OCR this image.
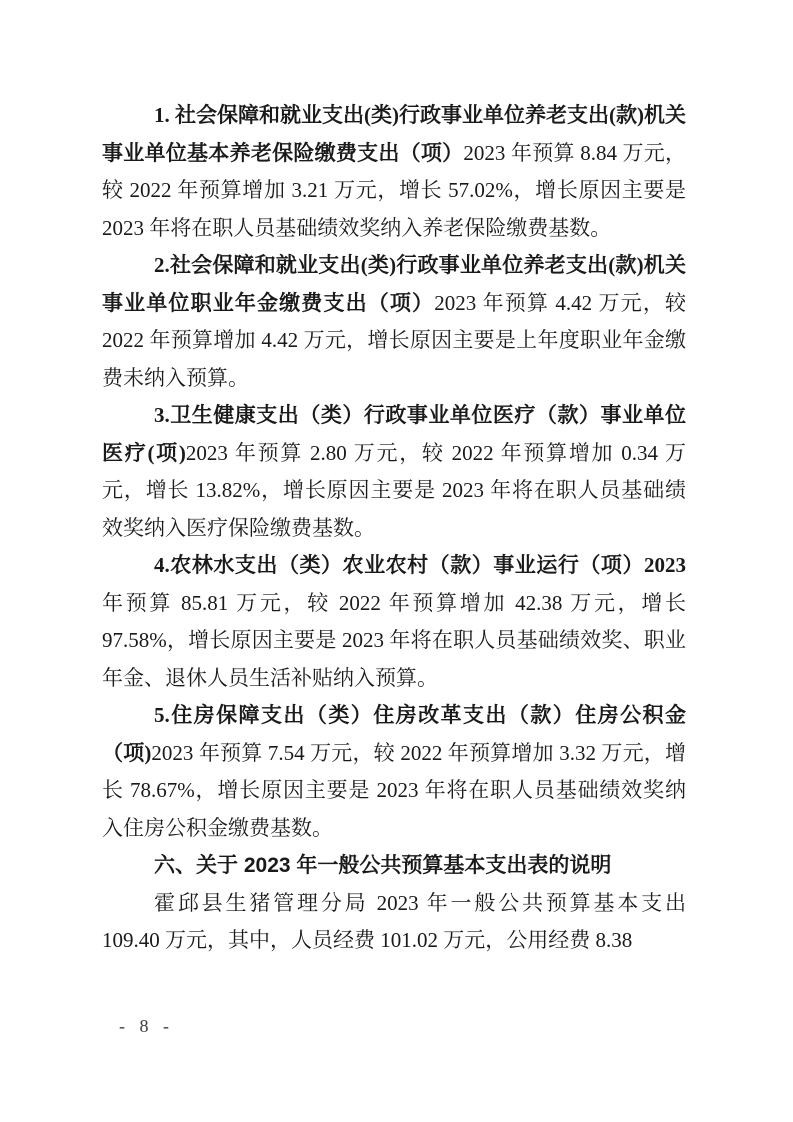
1. 社会保障和就业支出(类)行政事业单位养老支出(款)机关事业单位基本养老保险缴费支出（项）2023 年预算 8.84 万元，较 2022 年预算增加 3.21 万元，增长 57.02%，增长原因主要是 2023 年将在职人员基础绩效奖纳入养老保险缴费基数。

2.社会保障和就业支出(类)行政事业单位养老支出(款)机关事业单位职业年金缴费支出（项）2023 年预算 4.42 万元，较 2022 年预算增加 4.42 万元，增长原因主要是上年度职业年金缴费未纳入预算。

3.卫生健康支出（类）行政事业单位医疗（款）事业单位医疗(项)2023 年预算 2.80 万元，较 2022 年预算增加 0.34 万元，增长 13.82%，增长原因主要是 2023 年将在职人员基础绩效奖纳入医疗保险缴费基数。

4.农林水支出（类）农业农村（款）事业运行（项）2023 年预算 85.81 万元，较 2022 年预算增加 42.38 万元，增长 97.58%，增长原因主要是 2023 年将在职人员基础绩效奖、职业年金、退休人员生活补贴纳入预算。

5.住房保障支出（类）住房改革支出（款）住房公积金（项)2023 年预算 7.54 万元，较 2022 年预算增加 3.32 万元，增长 78.67%，增长原因主要是 2023 年将在职人员基础绩效奖纳入住房公积金缴费基数。

六、关于 2023 年一般公共预算基本支出表的说明

霍邱县生猪管理分局 2023 年一般公共预算基本支出 109.40 万元，其中，人员经费 101.02 万元，公用经费 8.38

- 8 -
